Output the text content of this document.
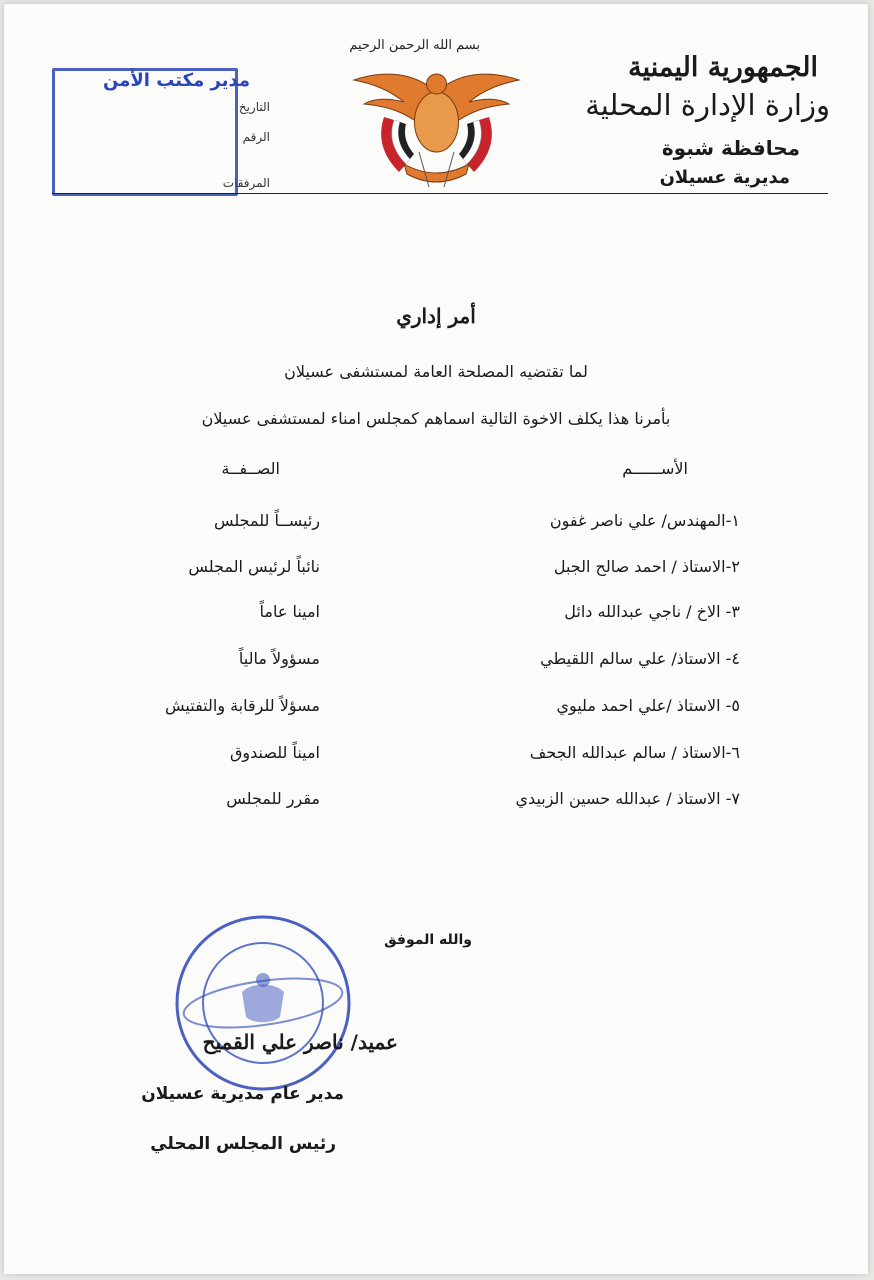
الجمهورية اليمنية
وزارة الإدارة المحلية
محافظة شبوة
مديرية عسيلان
بسم الله الرحمن الرحيم
الرقم
التاريخ
المرفقات
مدير مكتب الأمن
أمر إداري
لما تقتضيه المصلحة العامة لمستشفى عسيلان
بأمرنا هذا يكلف الاخوة التالية اسماهم كمجلس امناء لمستشفى عسيلان
الأســــــم
الصــفــة
١-المهندس/ علي ناصر غفون
رئيســاً للمجلس
٢-الاستاذ / احمد صالح الجبل
نائباً لرئيس المجلس
٣- الاخ / ناجي عبدالله دائل
امينا عاماً
٤- الاستاذ/ علي سالم اللقيطي
مسؤولاً مالياً
٥- الاستاذ /علي احمد مليوي
مسؤلاً للرقابة والتفتيش
٦-الاستاذ / سالم عبدالله الجحف
اميناً للصندوق
٧- الاستاذ / عبدالله حسين الزبيدي
مقرر للمجلس
والله الموفق
عميد/ ناصر علي القميح
مدير عام مديرية عسيلان
رئيس المجلس المحلي
